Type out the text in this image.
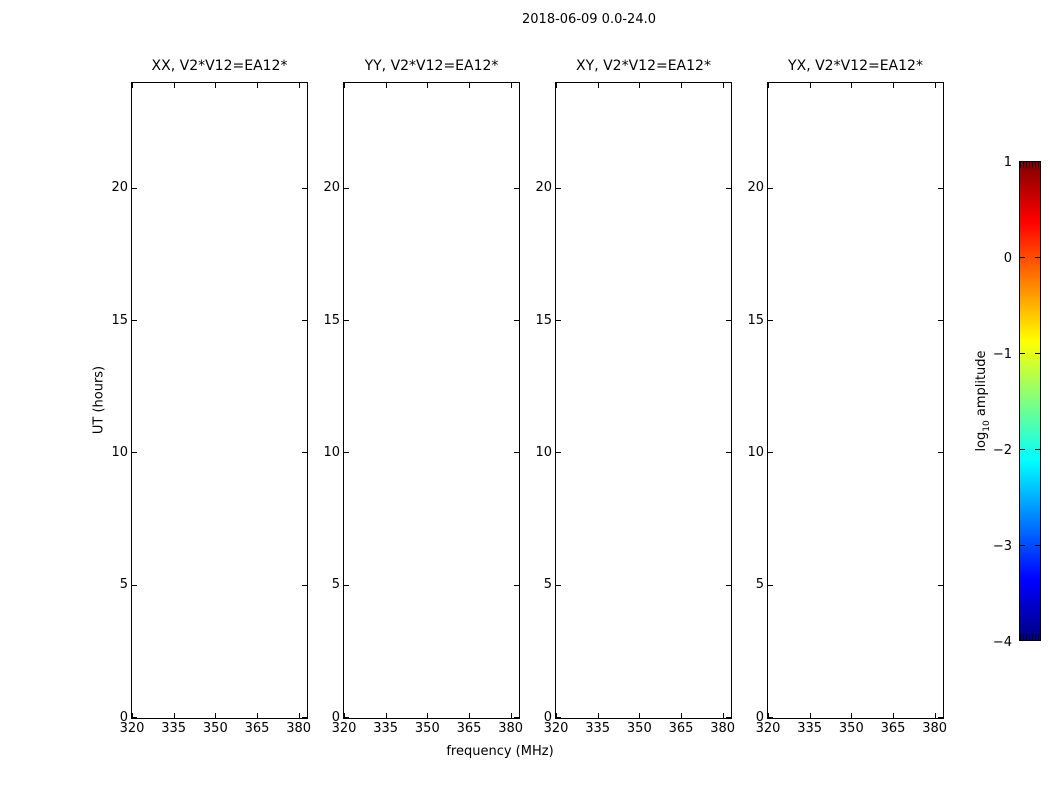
2018-06-09 0.0-24.0
XX, V2*V12=EA12*
320 335 350 365 380
0
5
10
15
20
YY, V2*V12=EA12*
320 335 350 365 380
0
5
10
15
20
XY, V2*V12=EA12*
320 335 350 365 380
0
5
10
15
20
YX, V2*V12=EA12*
320 335 350 365 380
0
5
10
15
20
UT (hours)
frequency (MHz)
1
0
−1
−2
−3
−4
$\log_{10}$ amplitude
